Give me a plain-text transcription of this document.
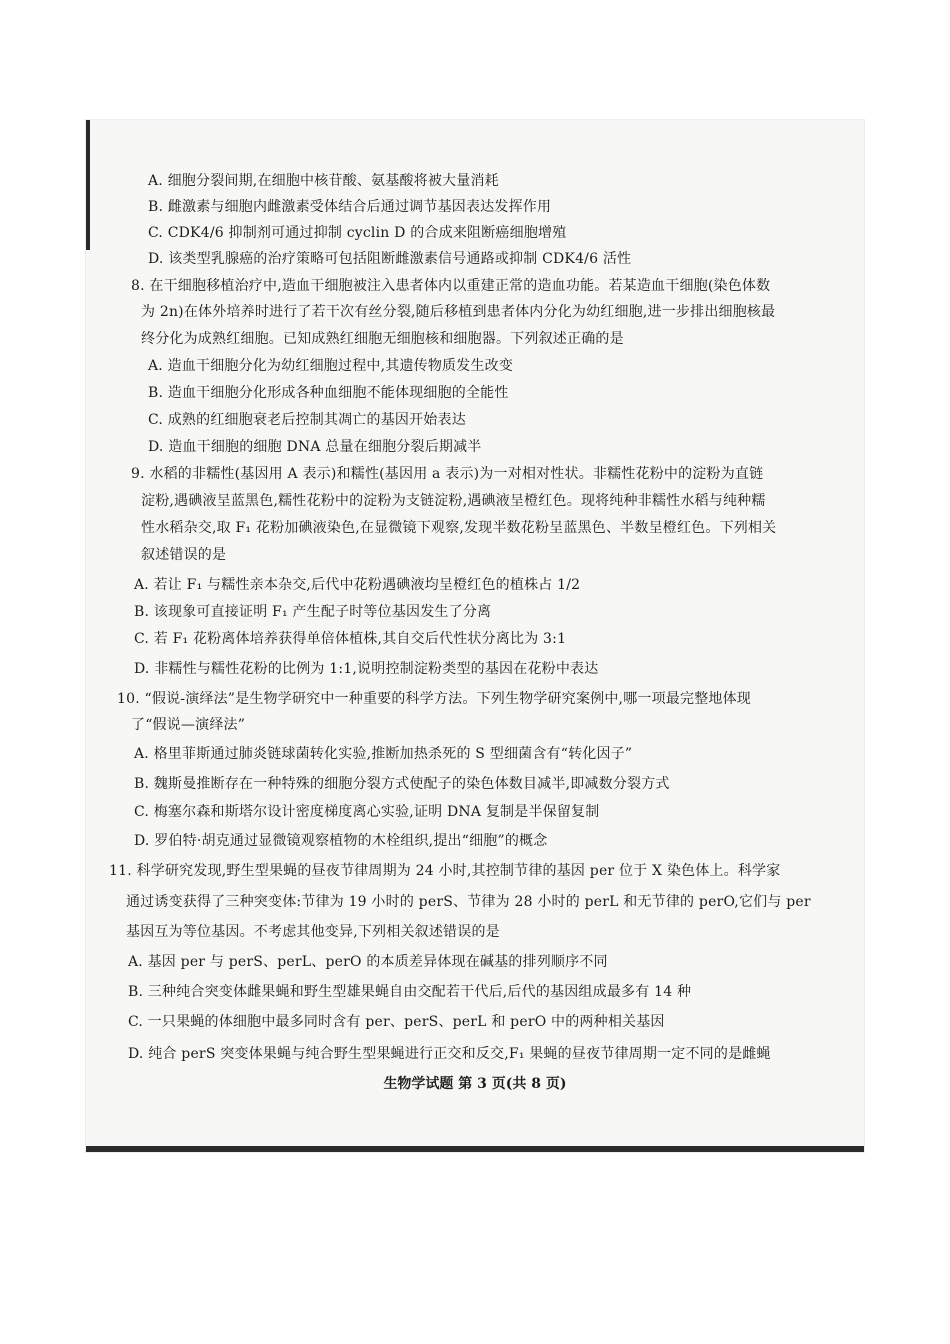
A. 细胞分裂间期,在细胞中核苷酸、氨基酸将被大量消耗

B. 雌激素与细胞内雌激素受体结合后通过调节基因表达发挥作用

C. CDK4/6 抑制剂可通过抑制 cyclin D 的合成来阻断癌细胞增殖

D. 该类型乳腺癌的治疗策略可包括阻断雌激素信号通路或抑制 CDK4/6 活性

8. 在干细胞移植治疗中,造血干细胞被注入患者体内以重建正常的造血功能。若某造血干细胞(染色体数

为 2n)在体外培养时进行了若干次有丝分裂,随后移植到患者体内分化为幼红细胞,进一步排出细胞核最

终分化为成熟红细胞。已知成熟红细胞无细胞核和细胞器。下列叙述正确的是

A. 造血干细胞分化为幼红细胞过程中,其遗传物质发生改变

B. 造血干细胞分化形成各种血细胞不能体现细胞的全能性

C. 成熟的红细胞衰老后控制其凋亡的基因开始表达

D. 造血干细胞的细胞 DNA 总量在细胞分裂后期减半

9. 水稻的非糯性(基因用 A 表示)和糯性(基因用 a 表示)为一对相对性状。非糯性花粉中的淀粉为直链

淀粉,遇碘液呈蓝黑色,糯性花粉中的淀粉为支链淀粉,遇碘液呈橙红色。现将纯种非糯性水稻与纯种糯

性水稻杂交,取 F₁ 花粉加碘液染色,在显微镜下观察,发现半数花粉呈蓝黑色、半数呈橙红色。下列相关

叙述错误的是

A. 若让 F₁ 与糯性亲本杂交,后代中花粉遇碘液均呈橙红色的植株占 1/2

B. 该现象可直接证明 F₁ 产生配子时等位基因发生了分离

C. 若 F₁ 花粉离体培养获得单倍体植株,其自交后代性状分离比为 3:1

D. 非糯性与糯性花粉的比例为 1:1,说明控制淀粉类型的基因在花粉中表达

10. “假说-演绎法”是生物学研究中一种重要的科学方法。下列生物学研究案例中,哪一项最完整地体现

了“假说—演绎法”

A. 格里菲斯通过肺炎链球菌转化实验,推断加热杀死的 S 型细菌含有“转化因子”

B. 魏斯曼推断存在一种特殊的细胞分裂方式使配子的染色体数目减半,即减数分裂方式

C. 梅塞尔森和斯塔尔设计密度梯度离心实验,证明 DNA 复制是半保留复制

D. 罗伯特·胡克通过显微镜观察植物的木栓组织,提出“细胞”的概念

11. 科学研究发现,野生型果蝇的昼夜节律周期为 24 小时,其控制节律的基因 per 位于 X 染色体上。科学家

通过诱变获得了三种突变体:节律为 19 小时的 perS、节律为 28 小时的 perL 和无节律的 perO,它们与 per

基因互为等位基因。不考虑其他变异,下列相关叙述错误的是

A. 基因 per 与 perS、perL、perO 的本质差异体现在碱基的排列顺序不同

B. 三种纯合突变体雌果蝇和野生型雄果蝇自由交配若干代后,后代的基因组成最多有 14 种

C. 一只果蝇的体细胞中最多同时含有 per、perS、perL 和 perO 中的两种相关基因

D. 纯合 perS 突变体果蝇与纯合野生型果蝇进行正交和反交,F₁ 果蝇的昼夜节律周期一定不同的是雌蝇

生物学试题 第 3 页(共 8 页)
